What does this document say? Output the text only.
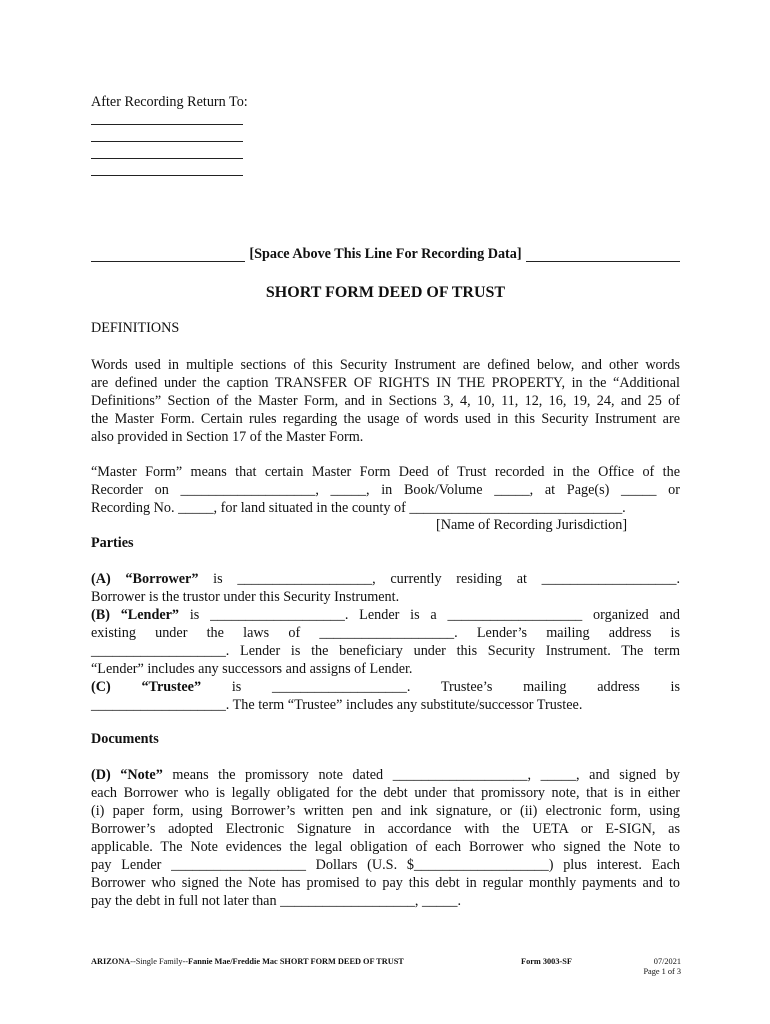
After Recording Return To:
[Space Above This Line For Recording Data]
SHORT FORM DEED OF TRUST
DEFINITIONS
Words used in multiple sections of this Security Instrument are defined below, and other words
are defined under the caption TRANSFER OF RIGHTS IN THE PROPERTY, in the “Additional
Definitions” Section of the Master Form, and in Sections 3, 4, 10, 11, 12, 16, 19, 24, and 25 of
the Master Form. Certain rules regarding the usage of words used in this Security Instrument are
also provided in Section 17 of the Master Form.
“Master Form” means that certain Master Form Deed of Trust recorded in the Office of the
Recorder on ___________________, _____, in Book/Volume _____, at Page(s) _____ or
Recording No. _____, for land situated in the county of ______________________________.
[Name of Recording Jurisdiction]
Parties
(A) “Borrower” is ___________________, currently residing at ___________________.
Borrower is the trustor under this Security Instrument.
(B) “Lender” is ___________________. Lender is a ___________________ organized and
existing under the laws of ___________________. Lender’s mailing address is
___________________. Lender is the beneficiary under this Security Instrument. The term
“Lender” includes any successors and assigns of Lender.
(C) “Trustee” is ___________________. Trustee’s mailing address is
___________________. The term “Trustee” includes any substitute/successor Trustee.
Documents
(D) “Note” means the promissory note dated ___________________, _____, and signed by
each Borrower who is legally obligated for the debt under that promissory note, that is in either
(i) paper form, using Borrower’s written pen and ink signature, or (ii) electronic form, using
Borrower’s adopted Electronic Signature in accordance with the UETA or E-SIGN, as
applicable. The Note evidences the legal obligation of each Borrower who signed the Note to
pay Lender ___________________ Dollars (U.S. $___________________) plus interest. Each
Borrower who signed the Note has promised to pay this debt in regular monthly payments and to
pay the debt in full not later than ___________________, _____.
ARIZONA--Single Family--Fannie Mae/Freddie Mac SHORT FORM DEED OF TRUST	Form 3003-SF	07/2021
Page 1 of 3
